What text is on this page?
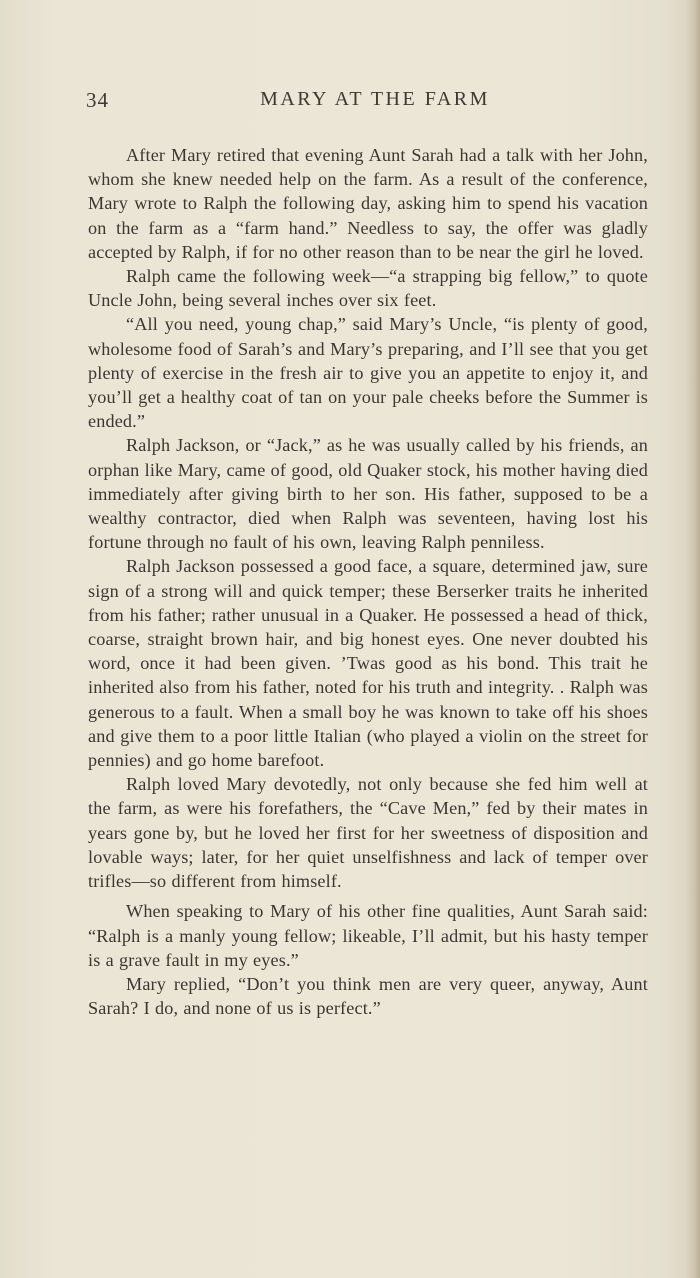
34	MARY AT THE FARM

After Mary retired that evening Aunt Sarah had a talk with her John, whom she knew needed help on the farm. As a result of the conference, Mary wrote to Ralph the following day, asking him to spend his vacation on the farm as a “farm hand.” Needless to say, the offer was gladly accepted by Ralph, if for no other reason than to be near the girl he loved.

Ralph came the following week—“a strapping big fellow,” to quote Uncle John, being several inches over six feet.

“All you need, young chap,” said Mary’s Uncle, “is plenty of good, wholesome food of Sarah’s and Mary’s preparing, and I’ll see that you get plenty of exercise in the fresh air to give you an appetite to enjoy it, and you’ll get a healthy coat of tan on your pale cheeks before the Summer is ended.”

Ralph Jackson, or “Jack,” as he was usually called by his friends, an orphan like Mary, came of good, old Quaker stock, his mother having died immediately after giving birth to her son. His father, supposed to be a wealthy contractor, died when Ralph was seventeen, having lost his fortune through no fault of his own, leaving Ralph penniless.

Ralph Jackson possessed a good face, a square, determined jaw, sure sign of a strong will and quick temper; these Berserker traits he inherited from his father; rather unusual in a Quaker. He possessed a head of thick, coarse, straight brown hair, and big honest eyes. One never doubted his word, once it had been given. ’Twas good as his bond. This trait he inherited also from his father, noted for his truth and integrity. . Ralph was generous to a fault. When a small boy he was known to take off his shoes and give them to a poor little Italian (who played a violin on the street for pennies) and go home barefoot.

Ralph loved Mary devotedly, not only because she fed him well at the farm, as were his forefathers, the “Cave Men,” fed by their mates in years gone by, but he loved her first for her sweetness of disposition and lovable ways; later, for her quiet unselfishness and lack of temper over trifles—so different from himself.

When speaking to Mary of his other fine qualities, Aunt Sarah said: “Ralph is a manly young fellow; likeable, I’ll admit, but his hasty temper is a grave fault in my eyes.”

Mary replied, “Don’t you think men are very queer, anyway, Aunt Sarah? I do, and none of us is perfect.”
